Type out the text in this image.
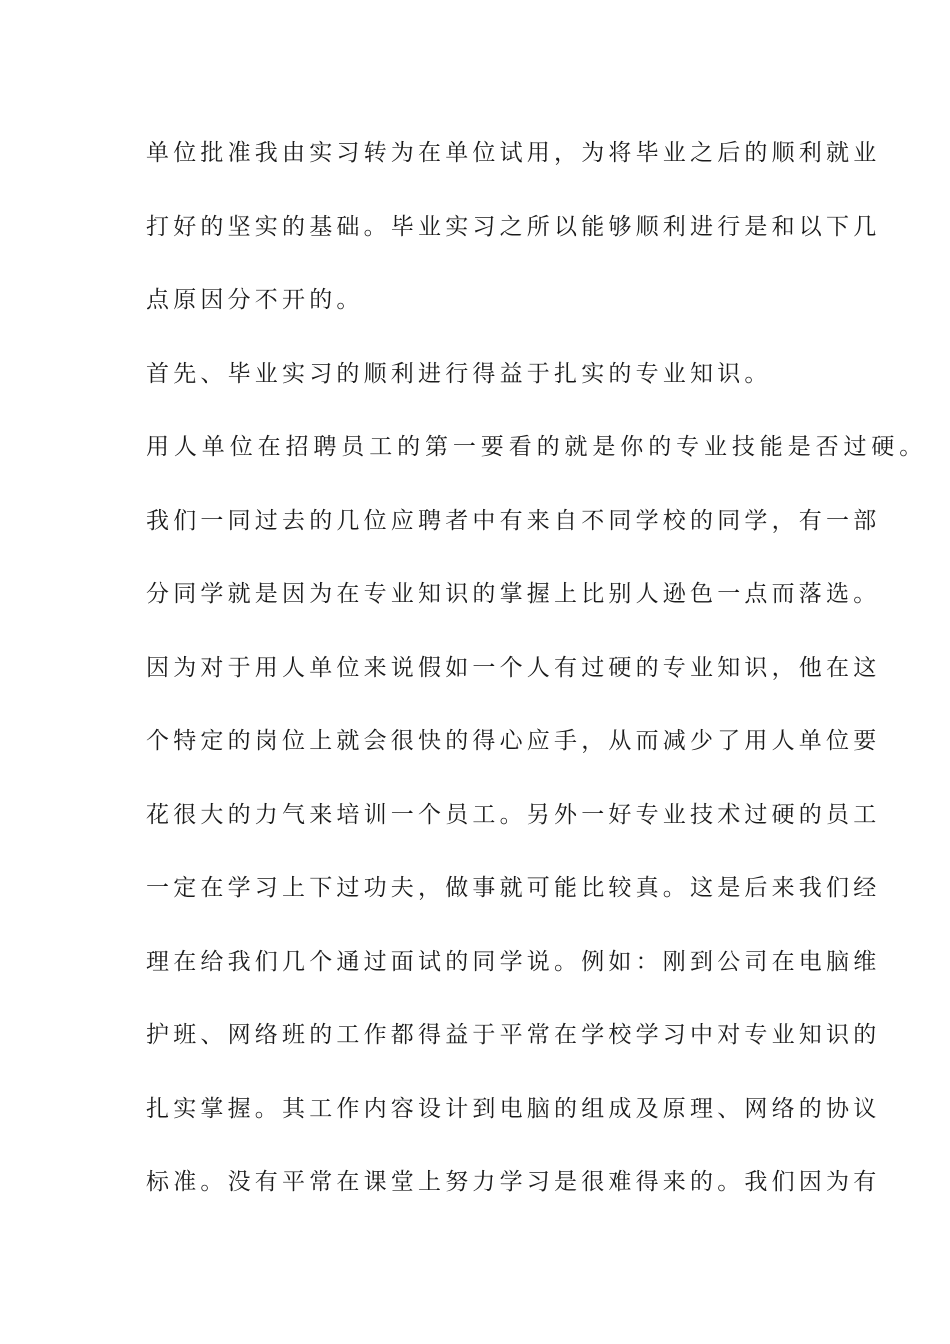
单位批准我由实习转为在单位试用，为将毕业之后的顺利就业
打好的坚实的基础。毕业实习之所以能够顺利进行是和以下几
点原因分不开的。
首先、毕业实习的顺利进行得益于扎实的专业知识。
用人单位在招聘员工的第一要看的就是你的专业技能是否过硬。
我们一同过去的几位应聘者中有来自不同学校的同学，有一部
分同学就是因为在专业知识的掌握上比别人逊色一点而落选。
因为对于用人单位来说假如一个人有过硬的专业知识，他在这
个特定的岗位上就会很快的得心应手，从而减少了用人单位要
花很大的力气来培训一个员工。另外一好专业技术过硬的员工
一定在学习上下过功夫，做事就可能比较真。这是后来我们经
理在给我们几个通过面试的同学说。例如：刚到公司在电脑维
护班、网络班的工作都得益于平常在学校学习中对专业知识的
扎实掌握。其工作内容设计到电脑的组成及原理、网络的协议
标准。没有平常在课堂上努力学习是很难得来的。我们因为有
